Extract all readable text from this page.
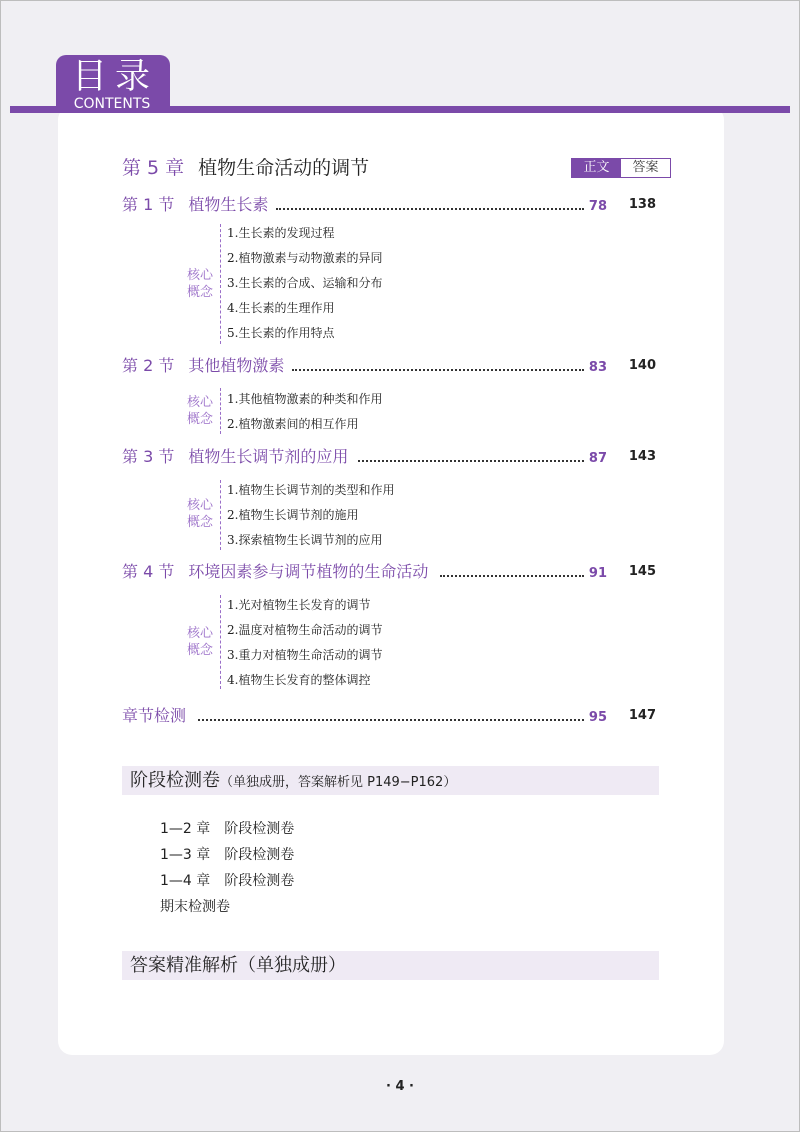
目录
CONTENTS
第 5 章 植物生命活动的调节	正文	答案
第 1 节 植物生长素	78	138
核心
概念
1.生长素的发现过程
2.植物激素与动物激素的异同
3.生长素的合成、运输和分布
4.生长素的生理作用
5.生长素的作用特点
第 2 节 其他植物激素	83	140
核心
概念
1.其他植物激素的种类和作用
2.植物激素间的相互作用
第 3 节 植物生长调节剂的应用	87	143
核心
概念
1.植物生长调节剂的类型和作用
2.植物生长调节剂的施用
3.探索植物生长调节剂的应用
第 4 节 环境因素参与调节植物的生命活动	91	145
核心
概念
1.光对植物生长发育的调节
2.温度对植物生命活动的调节
3.重力对植物生命活动的调节
4.植物生长发育的整体调控
章节检测	95	147
阶段检测卷（单独成册，答案解析见 P149−P162）
1—2 章 阶段检测卷
1—3 章 阶段检测卷
1—4 章 阶段检测卷
期末检测卷
答案精准解析（单独成册）
· 4 ·
